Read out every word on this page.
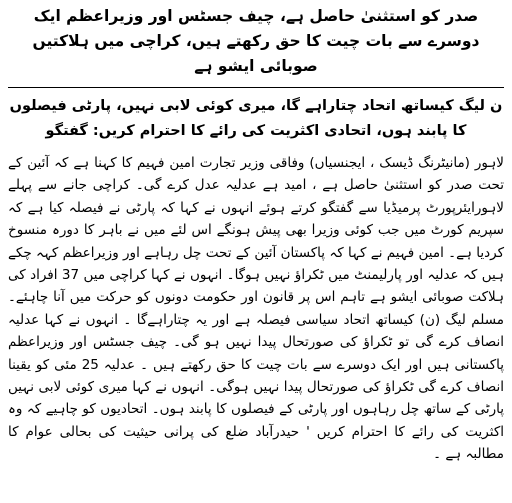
صدر کو استثنیٰ حاصل ہے، چیف جسٹس اور وزیراعظم ایک دوسرے سے بات چیت کا حق رکھتے ہیں، کراچی میں ہلاکتیں صوبائی ایشو ہے
ن لیگ کیساتھ اتحاد چتاراہے گا، میری کوئی لابی نہیں، پارٹی فیصلوں کا پابند ہوں، اتحادی اکثریت کی رائے کا احترام کریں: گفتگو

لاہور (مانیٹرنگ ڈیسک ، ایجنسیاں) وفاقی وزیر تجارت امین فہیم کا کہنا ہے کہ آئین کے تحت صدر کو استثنیٰ حاصل ہے ، امید ہے عدلیہ عدل کرے گی۔ کراچی جانے سے پہلے لاہورایئرپورٹ پرمیڈیا سے گفتگو کرتے ہوئے انہوں نے کہا کہ پارٹی نے فیصلہ کیا ہے کہ سپریم کورٹ میں جب کوئی وزیرا بھی پیش ہونگے اس لئے میں نے باہر کا دورہ منسوخ کردیا ہے۔ امین فہیم نے کہا کہ پاکستان آئین کے تحت چل رہاہے اور وزیراعظم کہہ چکے ہیں کہ عدلیہ اور پارلیمنٹ میں ٹکراؤ نہیں ہوگا۔ انہوں نے کہا کراچی میں 37 افراد کی ہلاکت صوبائی ایشو ہے تاہم اس پر قانون اور حکومت دونوں کو حرکت میں آنا چاہئے۔ مسلم لیگ (ن) کیساتھ اتحاد سیاسی فیصلہ ہے اور یہ چتاراہےگا ۔ انہوں نے کہا عدلیہ انصاف کرے گی تو ٹکراؤ کی صورتحال پیدا نہیں ہو گی۔ چیف جسٹس اور وزیراعظم پاکستانی ہیں اور ایک دوسرے سے بات چیت کا حق رکھتے ہیں ۔ عدلیہ 25 مئی کو یقینا انصاف کرے گی ٹکراؤ کی صورتحال پیدا نہیں ہوگی۔ انہوں نے کہا میری کوئی لابی نہیں پارٹی کے ساتھ چل رہاہوں اور پارٹی کے فیصلوں کا پابند ہوں۔ اتحادیوں کو چاہیے کہ وہ اکثریت کی رائے کا احترام کریں ' حیدرآباد ضلع کی پرانی حیثیت کی بحالی عوام کا مطالبہ ہے ۔
